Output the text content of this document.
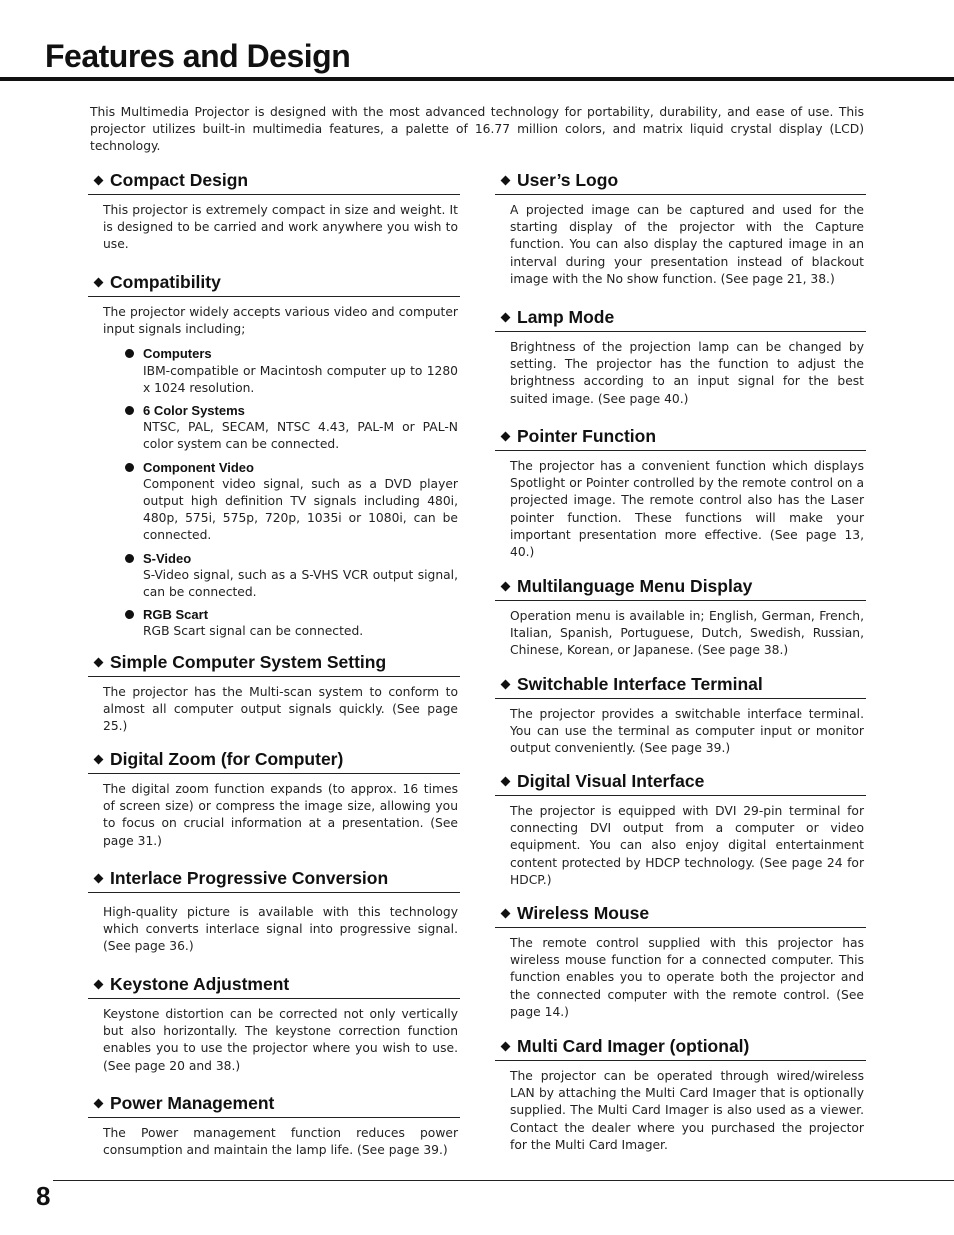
Features and Design

This Multimedia Projector is designed with the most advanced technology for portability, durability, and ease of use. This projector utilizes built-in multimedia features, a palette of 16.77 million colors, and matrix liquid crystal display (LCD) technology.

Compact Design

This projector is extremely compact in size and weight. It is designed to be carried and work anywhere you wish to use.

Compatibility

The projector widely accepts various video and computer input signals including;

Computers
IBM-compatible or Macintosh computer up to 1280 x 1024 resolution.
6 Color Systems
NTSC, PAL, SECAM, NTSC 4.43, PAL-M or PAL-N color system can be connected.
Component Video
Component video signal, such as a DVD player output high definition TV signals including 480i, 480p, 575i, 575p, 720p, 1035i or 1080i, can be connected.
S-Video
S-Video signal, such as a S-VHS VCR output signal, can be connected.
RGB Scart
RGB Scart signal can be connected.
Simple Computer System Setting

The projector has the Multi-scan system to conform to almost all computer output signals quickly. (See page 25.)

Digital Zoom (for Computer)

The digital zoom function expands (to approx. 16 times of screen size) or compress the image size, allowing you to focus on crucial information at a presentation. (See page 31.)

Interlace Progressive Conversion

High-quality picture is available with this technology which converts interlace signal into progressive signal. (See page 36.)

Keystone Adjustment

Keystone distortion can be corrected not only vertically but also horizontally. The keystone correction function enables you to use the projector where you wish to use. (See page 20 and 38.)

Power Management

The Power management function reduces power consumption and maintain the lamp life. (See page 39.)

User’s Logo

A projected image can be captured and used for the starting display of the projector with the Capture function. You can also display the captured image in an interval during your presentation instead of blackout image with the No show function. (See page 21, 38.)

Lamp Mode

Brightness of the projection lamp can be changed by setting. The projector has the function to adjust the brightness according to an input signal for the best suited image. (See page 40.)

Pointer Function

The projector has a convenient function which displays Spotlight or Pointer controlled by the remote control on a projected image. The remote control also has the Laser pointer function. These functions will make your important presentation more effective. (See page 13, 40.)

Multilanguage Menu Display

Operation menu is available in; English, German, French, Italian, Spanish, Portuguese, Dutch, Swedish, Russian, Chinese, Korean, or Japanese. (See page 38.)

Switchable Interface Terminal

The projector provides a switchable interface terminal. You can use the terminal as computer input or monitor output conveniently. (See page 39.)

Digital Visual Interface

The projector is equipped with DVI 29-pin terminal for connecting DVI output from a computer or video equipment. You can also enjoy digital entertainment content protected by HDCP technology. (See page 24 for HDCP.)

Wireless Mouse

The remote control supplied with this projector has wireless mouse function for a connected computer. This function enables you to operate both the projector and the connected computer with the remote control. (See page 14.)

Multi Card Imager (optional)

The projector can be operated through wired/wireless LAN by attaching the Multi Card Imager that is optionally supplied. The Multi Card Imager is also used as a viewer. Contact the dealer where you purchased the projector for the Multi Card Imager.

8
